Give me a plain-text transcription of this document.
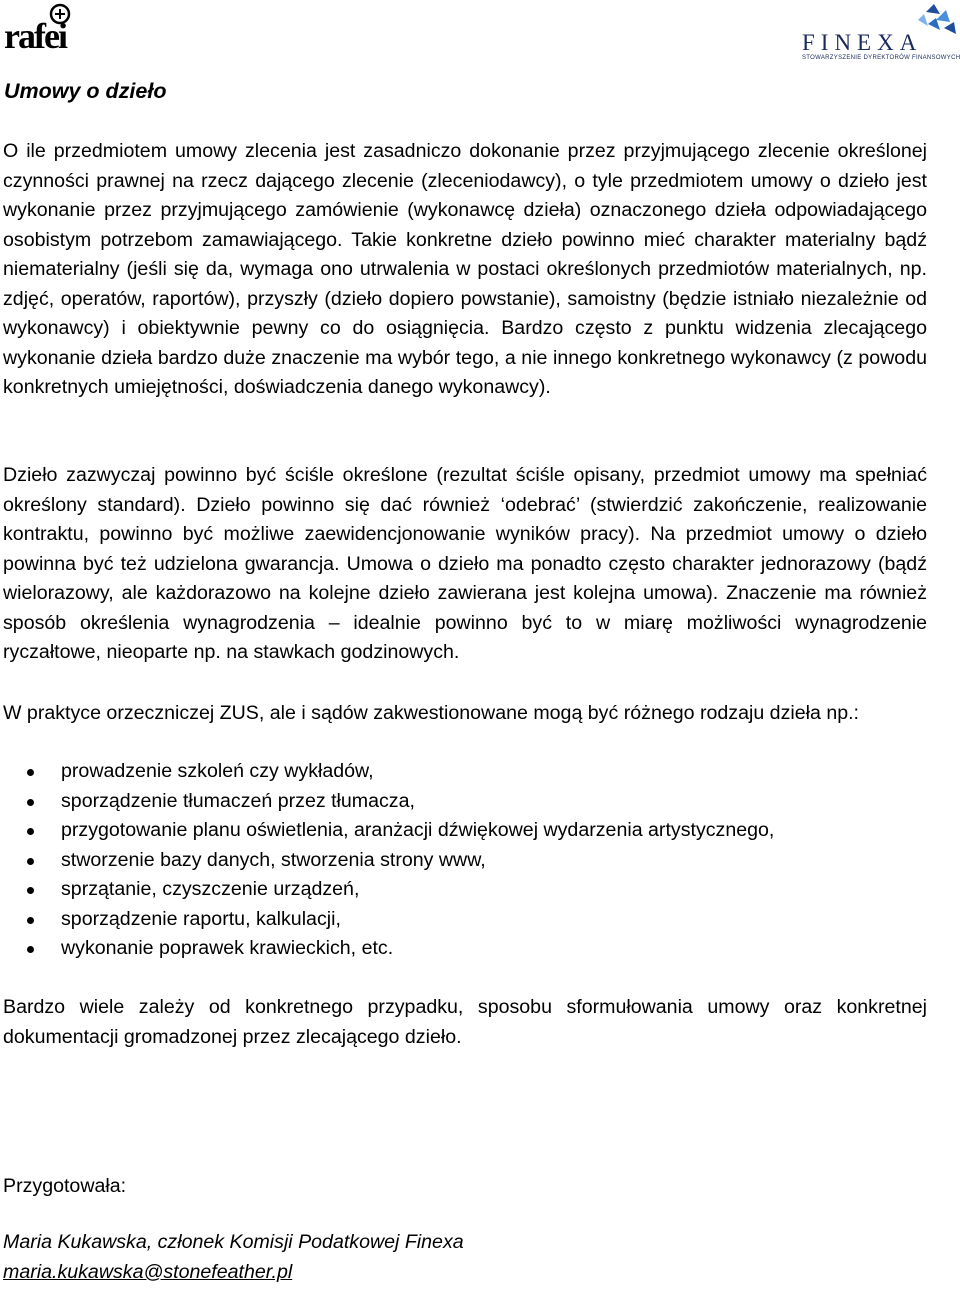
rafei	FINEXA
STOWARZYSZENIE DYREKTORÓW FINANSOWYCH
Umowy o dzieło

O ile przedmiotem umowy zlecenia jest zasadniczo dokonanie przez przyjmującego zlecenie określonej czynności prawnej na rzecz dającego zlecenie (zleceniodawcy), o tyle przedmiotem umowy o dzieło jest wykonanie przez przyjmującego zamówienie (wykonawcę dzieła) oznaczonego dzieła odpowiadającego osobistym potrzebom zamawiającego. Takie konkretne dzieło powinno mieć charakter materialny bądź niematerialny (jeśli się da, wymaga ono utrwalenia w postaci określonych przedmiotów materialnych, np. zdjęć, operatów, raportów), przyszły (dzieło dopiero powstanie), samoistny (będzie istniało niezależnie od wykonawcy) i obiektywnie pewny co do osiągnięcia. Bardzo często z punktu widzenia zlecającego wykonanie dzieła bardzo duże znaczenie ma wybór tego, a nie innego konkretnego wykonawcy (z powodu konkretnych umiejętności, doświadczenia danego wykonawcy).

Dzieło zazwyczaj powinno być ściśle określone (rezultat ściśle opisany, przedmiot umowy ma spełniać określony standard). Dzieło powinno się dać również ‘odebrać’ (stwierdzić zakończenie, realizowanie kontraktu, powinno być możliwe zaewidencjonowanie wyników pracy). Na przedmiot umowy o dzieło powinna być też udzielona gwarancja. Umowa o dzieło ma ponadto często charakter jednorazowy (bądź wielorazowy, ale każdorazowo na kolejne dzieło zawierana jest kolejna umowa). Znaczenie ma również sposób określenia wynagrodzenia – idealnie powinno być to w miarę możliwości wynagrodzenie ryczałtowe, nieoparte np. na stawkach godzinowych.

W praktyce orzeczniczej ZUS, ale i sądów zakwestionowane mogą być różnego rodzaju dzieła np.:

prowadzenie szkoleń czy wykładów,
sporządzenie tłumaczeń przez tłumacza,
przygotowanie planu oświetlenia, aranżacji dźwiękowej wydarzenia artystycznego,
stworzenie bazy danych, stworzenia strony www,
sprzątanie, czyszczenie urządzeń,
sporządzenie raportu, kalkulacji,
wykonanie poprawek krawieckich, etc.

Bardzo wiele zależy od konkretnego przypadku, sposobu sformułowania umowy oraz konkretnej dokumentacji gromadzonej przez zlecającego dzieło.

Przygotowała:

Maria Kukawska, członek Komisji Podatkowej Finexa

maria.kukawska@stonefeather.pl
